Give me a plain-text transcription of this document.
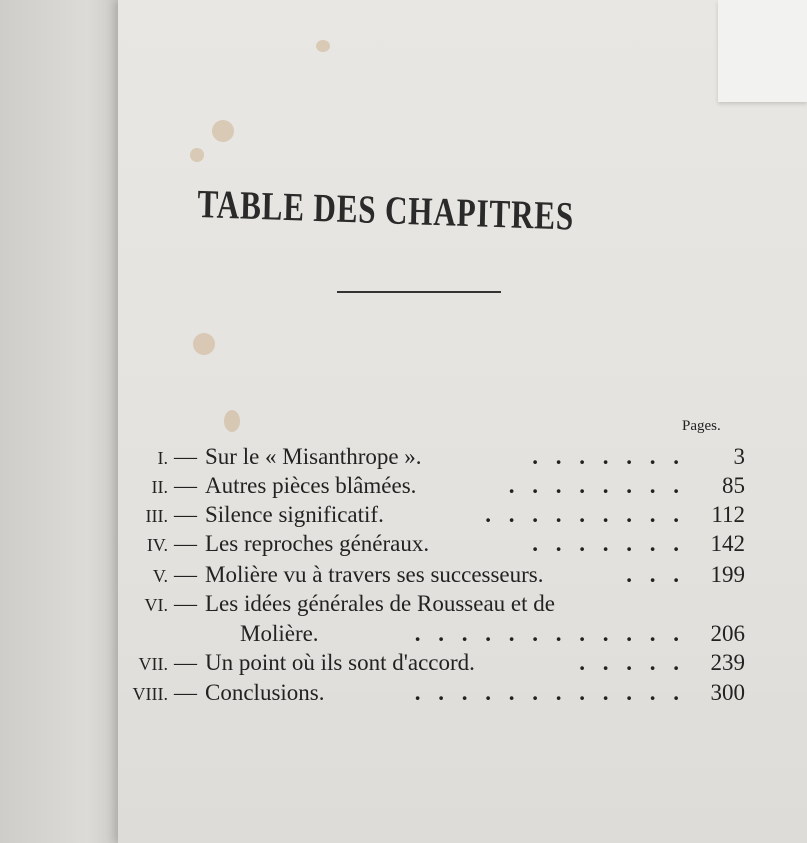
TABLE DES CHAPITRES
Pages.
I. — Sur le « Misanthrope ».	. . . . . . .	3
II. — Autres pièces blâmées.	. . . . . . . .	85
III. — Silence significatif.	. . . . . . . . .	112
IV. — Les reproches généraux.	. . . . . . .	142
V. — Molière vu à travers ses successeurs.	. . .	199
VI. — Les idées générales de Rousseau et de
Molière.	. . . . . . . . . . . .	206
VII. — Un point où ils sont d'accord.	. . . . .	239
VIII. — Conclusions.	. . . . . . . . . . . .	300
